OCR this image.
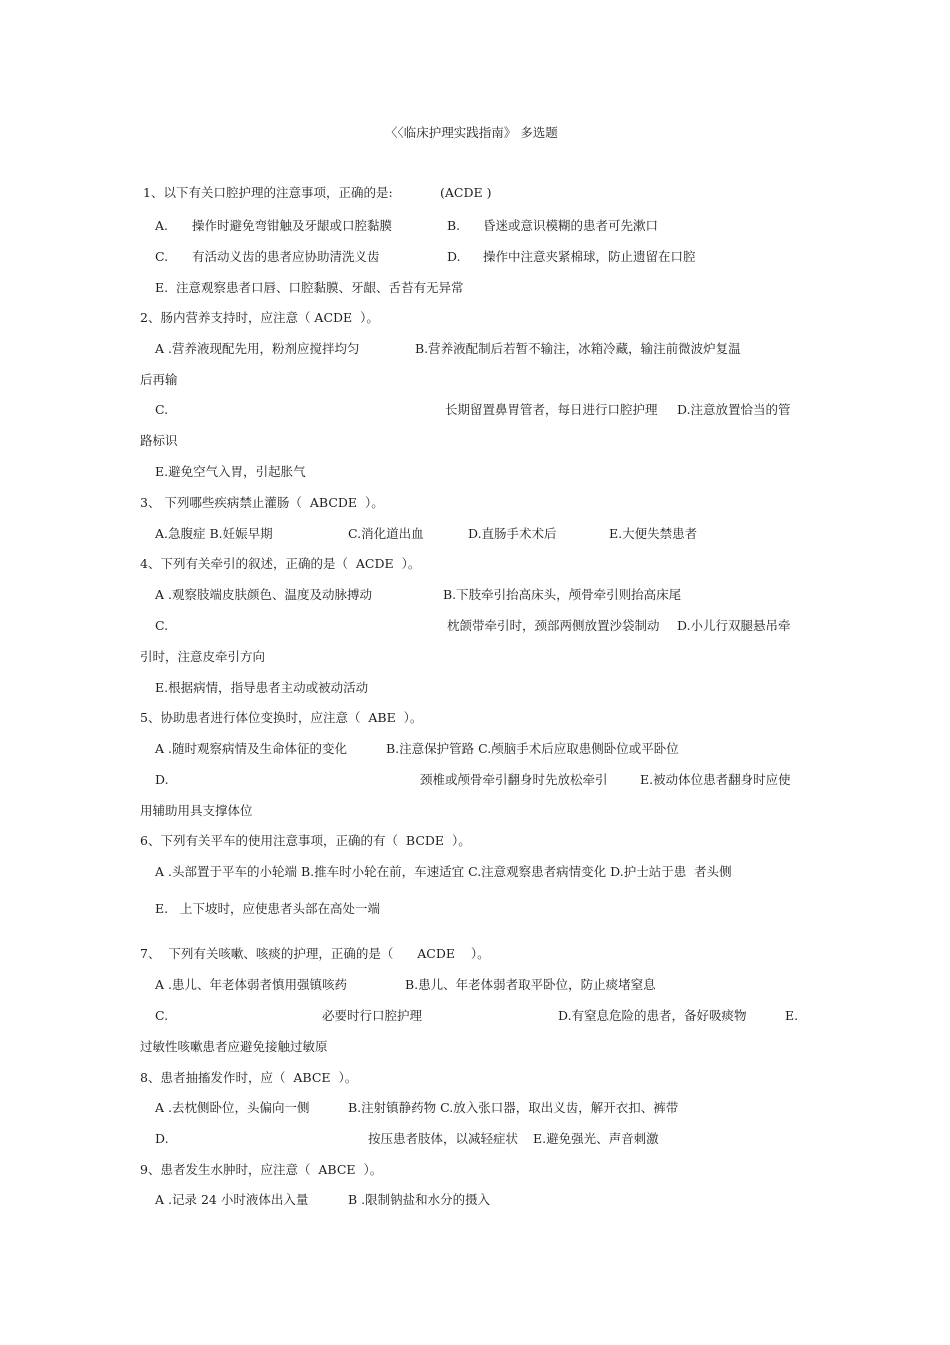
〈〈临床护理实践指南》 多选题
1、以下有关口腔护理的注意事项，正确的是:	(ACDE )
A. 操作时避免弯钳触及牙龈或口腔黏膜	B. 昏迷或意识模糊的患者可先漱口
C. 有活动义齿的患者应协助清洗义齿	D. 操作中注意夹紧棉球，防止遗留在口腔
E.  注意观察患者口唇、口腔黏膜、牙龈、舌苔有无异常
2、肠内营养支持时，应注意（ ACDE  ）。
A .营养液现配先用，粉剂应搅拌均匀	B.营养液配制后若暂不输注，冰箱冷藏，输注前微波炉复温
后再输
C.	长期留置鼻胃管者，每日进行口腔护理 D.注意放置恰当的管
路标识
E.避免空气入胃，引起胀气
3、 下列哪些疾病禁止灌肠（  ABCDE  ）。
A.急腹症 B.妊娠早期	C.消化道出血	D.直肠手术术后	E.大便失禁患者
4、下列有关牵引的叙述，正确的是（  ACDE  ）。
A .观察肢端皮肤颜色、温度及动脉搏动	B.下肢牵引抬高床头，颅骨牵引则抬高床尾
C.	枕颌带牵引时，颈部两侧放置沙袋制动 D.小儿行双腿悬吊牵
引时，注意皮牵引方向
E.根据病情，指导患者主动或被动活动
5、协助患者进行体位变换时，应注意（  ABE  ）。
A .随时观察病情及生命体征的变化	B.注意保护管路 C.颅脑手术后应取患侧卧位或平卧位
D.	颈椎或颅骨牵引翻身时先放松牵引	E.被动体位患者翻身时应使
用辅助用具支撑体位
6、下列有关平车的使用注意事项，正确的有（  BCDE  ）。
A .头部置于平车的小轮端 B.推车时小轮在前，车速适宜 C.注意观察患者病情变化 D.护士站于患  者头侧
E.   上下坡时，应使患者头部在高处一端
7、  下列有关咳嗽、咳痰的护理，正确的是（      ACDE    ）。
A .患儿、年老体弱者慎用强镇咳药	B.患儿、年老体弱者取平卧位，防止痰堵窒息
C.	必要时行口腔护理	D.有窒息危险的患者，备好吸痰物	E.
过敏性咳嗽患者应避免接触过敏原
8、患者抽搐发作时，应（  ABCE  ）。
A .去枕侧卧位，头偏向一侧	B.注射镇静药物 C.放入张口器，取出义齿，解开衣扣、裤带
D.	按压患者肢体，以减轻症状 E.避免强光、声音刺激
9、患者发生水肿时，应注意（  ABCE  ）。
A .记录 24 小时液体出入量	B .限制钠盐和水分的摄入
